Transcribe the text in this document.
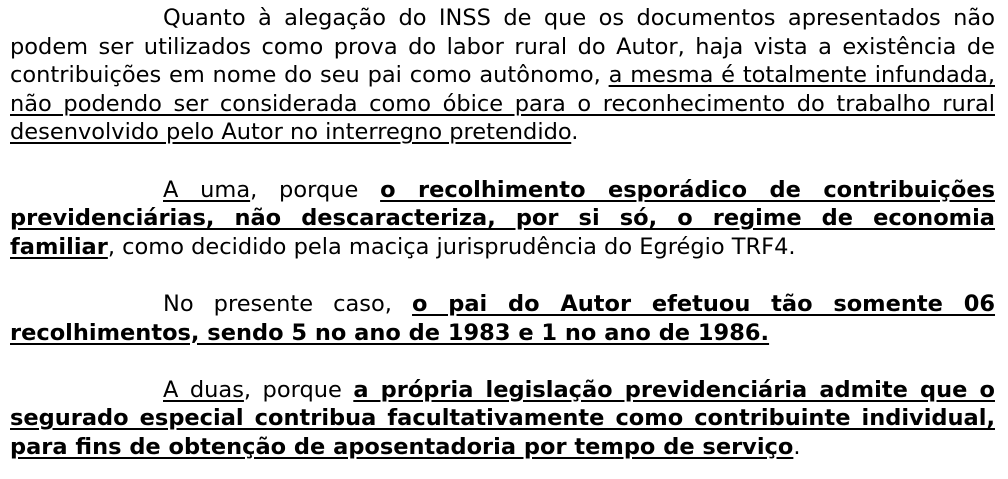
Quanto à alegação do INSS de que os documentos apresentados não podem ser utilizados como prova do labor rural do Autor, haja vista a existência de contribuições em nome do seu pai como autônomo, a mesma é totalmente infundada, não podendo ser considerada como óbice para o reconhecimento do trabalho rural desenvolvido pelo Autor no interregno pretendido.

A uma, porque o recolhimento esporádico de contribuições previdenciárias, não descaracteriza, por si só, o regime de economia familiar, como decidido pela maciça jurisprudência do Egrégio TRF4.

No presente caso, o pai do Autor efetuou tão somente 06 recolhimentos, sendo 5 no ano de 1983 e 1 no ano de 1986.

A duas, porque a própria legislação previdenciária admite que o segurado especial contribua facultativamente como contribuinte individual, para fins de obtenção de aposentadoria por tempo de serviço.
